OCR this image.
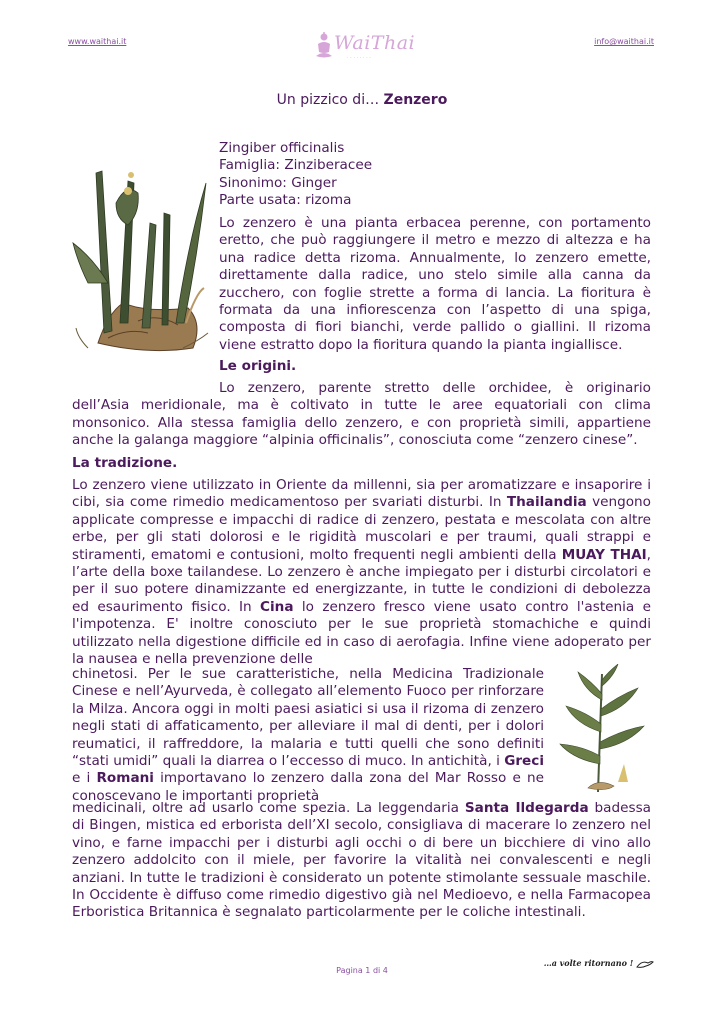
www.waithai.it	WaiThai
· · · · · · · ·
info@waithai.it
Un pizzico di… Zenzero
Zingiber officinalis
Famiglia: Zinziberacee
Sinonimo: Ginger
Parte usata: rizoma

Lo zenzero è una pianta erbacea perenne, con portamento eretto, che può raggiungere il metro e mezzo di altezza e ha una radice detta rizoma. Annualmente, lo zenzero emette, direttamente dalla radice, uno stelo simile alla canna da zucchero, con foglie strette a forma di lancia. La fioritura è formata da una infiorescenza con l’aspetto di una spiga, composta di fiori bianchi, verde pallido o giallini. Il rizoma viene estratto dopo la fioritura quando la pianta ingiallisce.

Le origini.

Lo zenzero, parente stretto delle orchidee, è originario dell’Asia meridionale, ma è coltivato in tutte le aree equatoriali con clima monsonico. Alla stessa famiglia dello zenzero, e con proprietà simili, appartiene anche la galanga maggiore “alpinia officinalis”, conosciuta come “zenzero cinese”.

La tradizione.

Lo zenzero viene utilizzato in Oriente da millenni, sia per aromatizzare e insaporire i cibi, sia come rimedio medicamentoso per svariati disturbi. In Thailandia vengono applicate compresse e impacchi di radice di zenzero, pestata e mescolata con altre erbe, per gli stati dolorosi e le rigidità muscolari e per traumi, quali strappi e stiramenti, ematomi e contusioni, molto frequenti negli ambienti della MUAY THAI, l’arte della boxe tailandese. Lo zenzero è anche impiegato per i disturbi circolatori e per il suo potere dinamizzante ed energizzante, in tutte le condizioni di debolezza ed esaurimento fisico. In Cina lo zenzero fresco viene usato contro l'astenia e l'impotenza. E' inoltre conosciuto per le sue proprietà stomachiche e quindi utilizzato nella digestione difficile ed in caso di aerofagia. Infine viene adoperato per la nausea e nella prevenzione delle

chinetosi. Per le sue caratteristiche, nella Medicina Tradizionale Cinese e nell’Ayurveda, è collegato all’elemento Fuoco per rinforzare la Milza. Ancora oggi in molti paesi asiatici si usa il rizoma di zenzero negli stati di affaticamento, per alleviare il mal di denti, per i dolori reumatici, il raffreddore, la malaria e tutti quelli che sono definiti “stati umidi” quali la diarrea o l’eccesso di muco. In antichità, i Greci e i Romani importavano lo zenzero dalla zona del Mar Rosso e ne conoscevano le importanti proprietà

medicinali, oltre ad usarlo come spezia. La leggendaria Santa Ildegarda badessa di Bingen, mistica ed erborista dell’XI secolo, consigliava di macerare lo zenzero nel vino, e farne impacchi per i disturbi agli occhi o di bere un bicchiere di vino allo zenzero addolcito con il miele, per favorire la vitalità nei convalescenti e negli anziani. In tutte le tradizioni è considerato un potente stimolante sessuale maschile. In Occidente è diffuso come rimedio digestivo già nel Medioevo, e nella Farmacopea Erboristica Britannica è segnalato particolarmente per le coliche intestinali.

Pagina 1 di 4
…a volte ritornano !
